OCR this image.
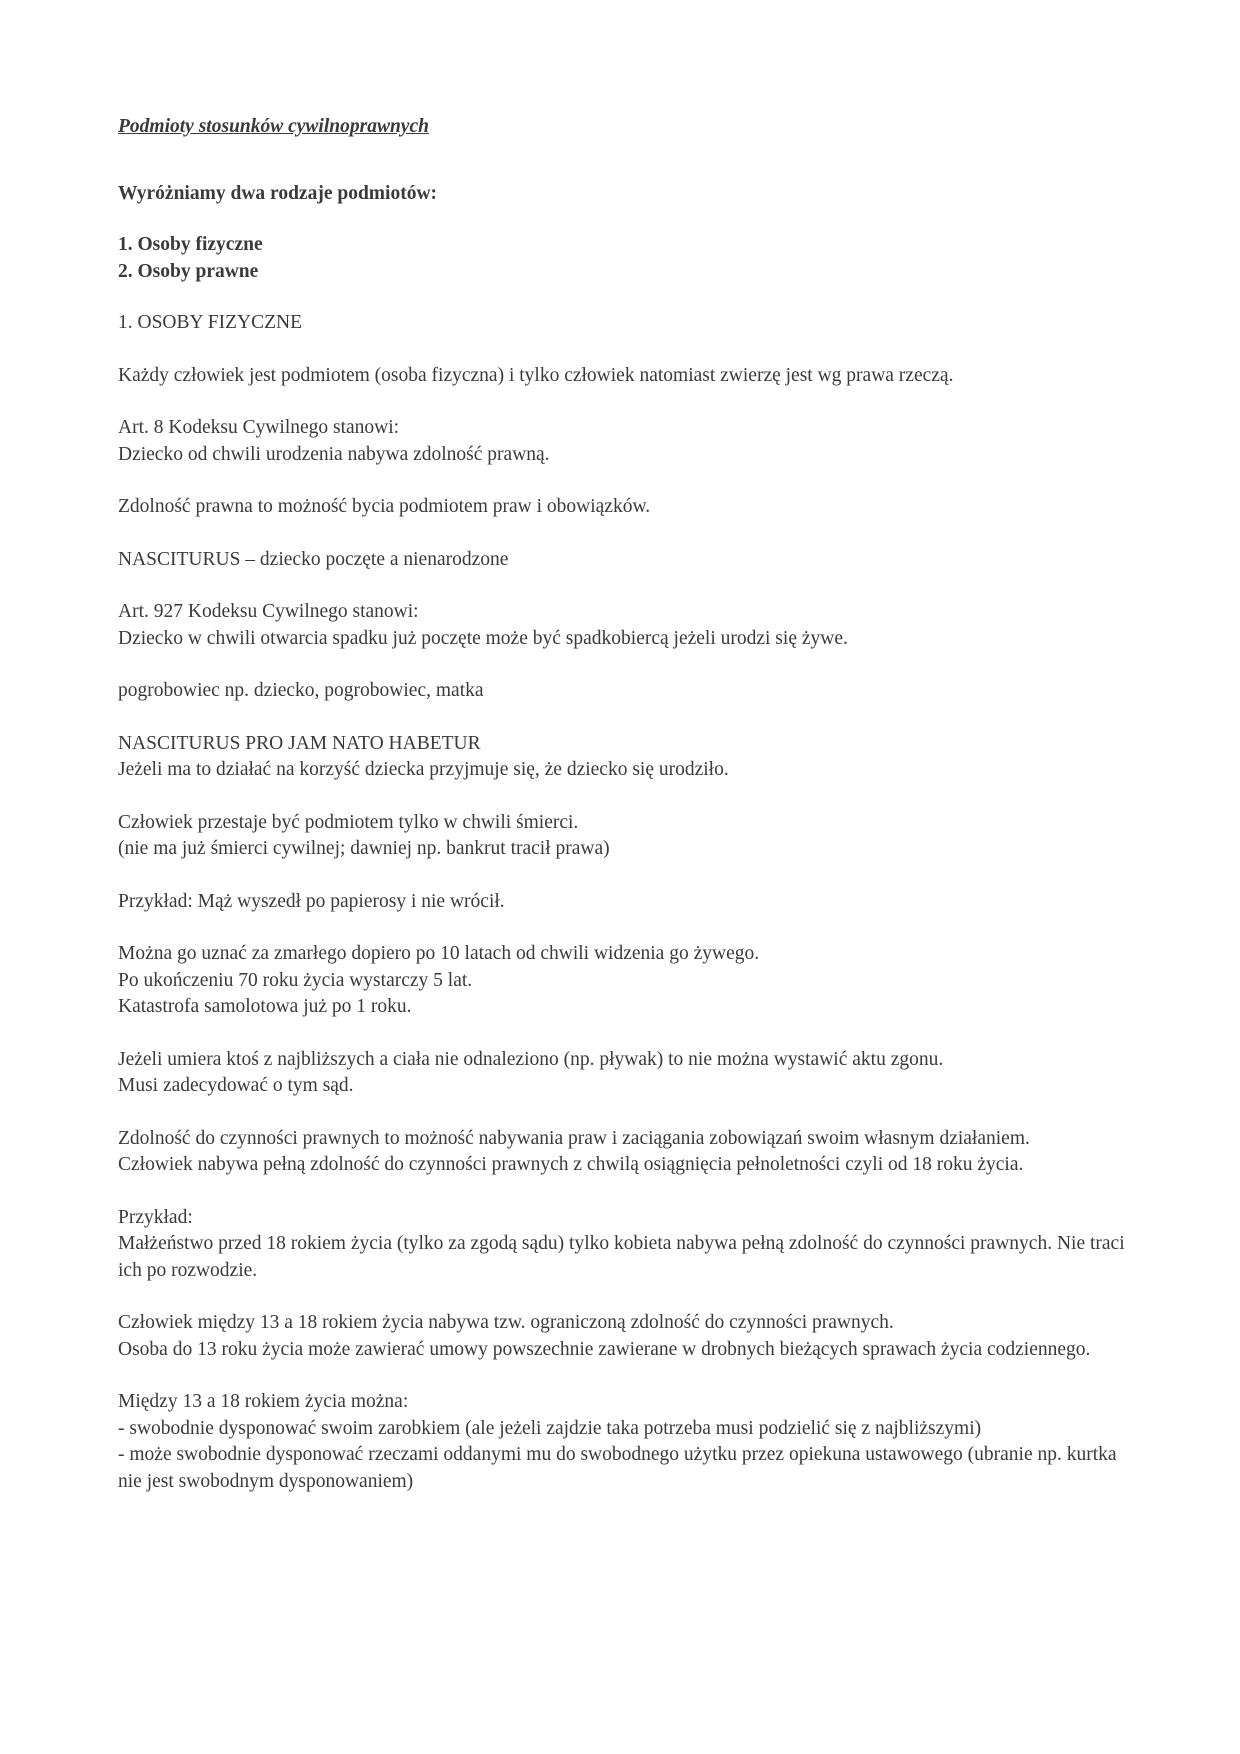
Podmioty stosunków cywilnoprawnych
Wyróżniamy dwa rodzaje podmiotów:
1. Osoby fizyczne
2. Osoby prawne

1. OSOBY FIZYCZNE

Każdy człowiek jest podmiotem (osoba fizyczna) i tylko człowiek natomiast zwierzę jest wg prawa rzeczą.

Art. 8 Kodeksu Cywilnego stanowi:
Dziecko od chwili urodzenia nabywa zdolność prawną.

Zdolność prawna to możność bycia podmiotem praw i obowiązków.

NASCITURUS – dziecko poczęte a nienarodzone

Art. 927 Kodeksu Cywilnego stanowi:
Dziecko w chwili otwarcia spadku już poczęte może być spadkobiercą jeżeli urodzi się żywe.

pogrobowiec np. dziecko, pogrobowiec, matka

NASCITURUS PRO JAM NATO HABETUR
Jeżeli ma to działać na korzyść dziecka przyjmuje się, że dziecko się urodziło.

Człowiek przestaje być podmiotem tylko w chwili śmierci.
(nie ma już śmierci cywilnej; dawniej np. bankrut tracił prawa)

Przykład: Mąż wyszedł po papierosy i nie wrócił.

Można go uznać za zmarłego dopiero po 10 latach od chwili widzenia go żywego.
Po ukończeniu 70 roku życia wystarczy 5 lat.
Katastrofa samolotowa już po 1 roku.

Jeżeli umiera ktoś z najbliższych a ciała nie odnaleziono (np. pływak) to nie można wystawić aktu zgonu.
Musi zadecydować o tym sąd.

Zdolność do czynności prawnych to możność nabywania praw i zaciągania zobowiązań swoim własnym działaniem.
Człowiek nabywa pełną zdolność do czynności prawnych z chwilą osiągnięcia pełnoletności czyli od 18 roku życia.

Przykład:
Małżeństwo przed 18 rokiem życia (tylko za zgodą sądu) tylko kobieta nabywa pełną zdolność do czynności prawnych. Nie traci ich po rozwodzie.

Człowiek między 13 a 18 rokiem życia nabywa tzw. ograniczoną zdolność do czynności prawnych.
Osoba do 13 roku życia może zawierać umowy powszechnie zawierane w drobnych bieżących sprawach życia codziennego.

Między 13 a 18 rokiem życia można:
- swobodnie dysponować swoim zarobkiem (ale jeżeli zajdzie taka potrzeba musi podzielić się z najbliższymi)
- może swobodnie dysponować rzeczami oddanymi mu do swobodnego użytku przez opiekuna ustawowego (ubranie np. kurtka nie jest swobodnym dysponowaniem)
